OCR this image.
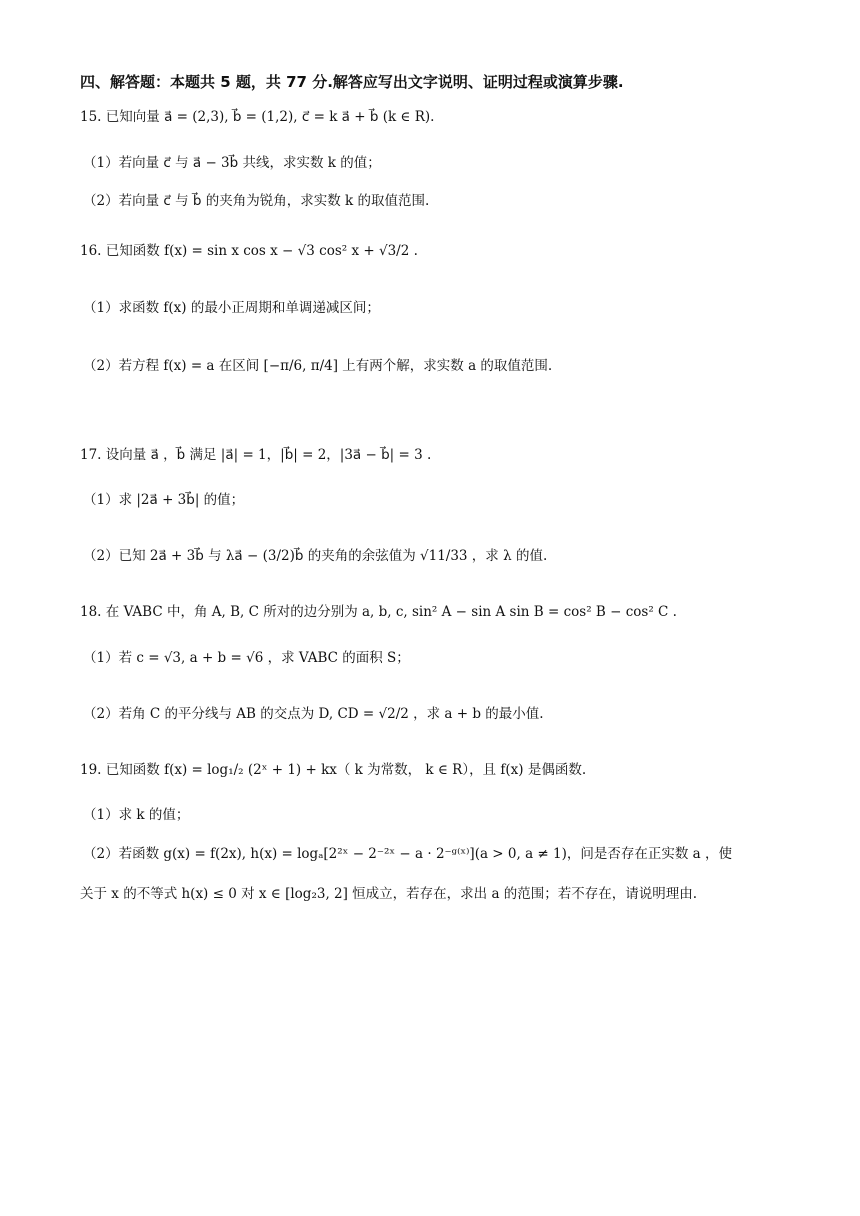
四、解答题：本题共 5 题，共 77 分.解答应写出文字说明、证明过程或演算步骤.
15. 已知向量 a⃗ = (2,3), b⃗ = (1,2), c⃗ = k a⃗ + b⃗ (k ∈ R).
（1）若向量 c⃗ 与 a⃗ − 3b⃗ 共线，求实数 k 的值；
（2）若向量 c⃗ 与 b⃗ 的夹角为锐角，求实数 k 的取值范围.
16. 已知函数 f(x) = sin x cos x − √3 cos² x + √3/2 .
（1）求函数 f(x) 的最小正周期和单调递减区间；
（2）若方程 f(x) = a 在区间 [−π/6, π/4] 上有两个解，求实数 a 的取值范围.
17. 设向量 a⃗ ，b⃗ 满足 |a⃗| = 1，|b⃗| = 2，|3a⃗ − b⃗| = 3 .
（1）求 |2a⃗ + 3b⃗| 的值；
（2）已知 2a⃗ + 3b⃗ 与 λa⃗ − (3/2)b⃗ 的夹角的余弦值为 √11/33 ，求 λ 的值.
18. 在 VABC 中，角 A, B, C 所对的边分别为 a, b, c, sin² A − sin A sin B = cos² B − cos² C .
（1）若 c = √3, a + b = √6 ，求 VABC 的面积 S；
（2）若角 C 的平分线与 AB 的交点为 D, CD = √2/2 ，求 a + b 的最小值.
19. 已知函数 f(x) = log₁/₂ (2ˣ + 1) + kx（ k 为常数， k ∈ R），且 f(x) 是偶函数.
（1）求 k 的值；
（2）若函数 g(x) = f(2x), h(x) = logₐ[2²ˣ − 2⁻²ˣ − a · 2⁻ᵍ⁽ˣ⁾](a > 0, a ≠ 1)，问是否存在正实数 a ，使
关于 x 的不等式 h(x) ≤ 0 对 x ∈ [log₂3, 2] 恒成立，若存在，求出 a 的范围；若不存在，请说明理由.
